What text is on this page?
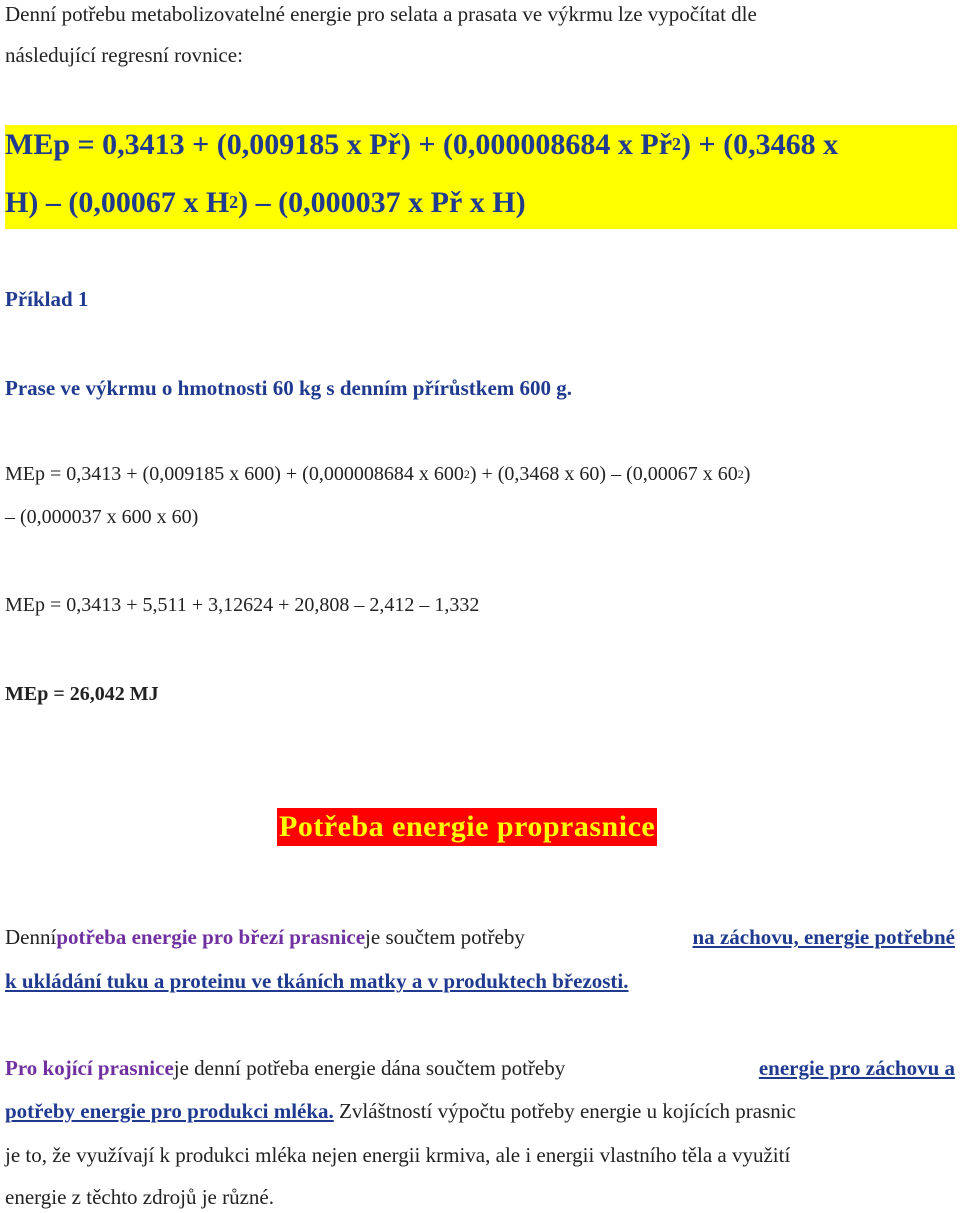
Denní potřebu metabolizovatelné energie pro selata a prasata ve výkrmu lze vypočítat dle
následující regresní rovnice:
MEp = 0,3413 + (0,009185 x Př) + (0,000008684 x $Př^2) + (0,3468$ x
H) – (0,00067 x $H^2) - (0,000037$ x Př x H)
Příklad 1
Prase ve výkrmu o hmotnosti 60 kg s denním přírůstkem 600 g.
MEp = 0,3413 + (0,009185 x 600) + (0,000008684 x $600^2) + (0,3468$ x 60) – (0,00067 x $60^2$)
– (0,000037 x 600 x 60)
MEp = 0,3413 + 5,511 + 3,12624 + 20,808 – 2,412 – 1,332
MEp = 26,042 MJ
Potřeba energie proprasnice
Dennípotřeba energie pro březí prasniceje součtem potřeby	na záchovu, energie potřebné
k ukládání tuku a proteinu ve tkáních matky a v produktech březosti.
Pro kojící prasniceje denní potřeba energie dána součtem potřeby	energie pro záchovu a
potřeby energie pro produkci mléka. Zvláštností výpočtu potřeby energie u kojících prasnic
je to, že využívají k produkci mléka nejen energii krmiva, ale i energii vlastního těla a využití
energie z těchto zdrojů je různé.
